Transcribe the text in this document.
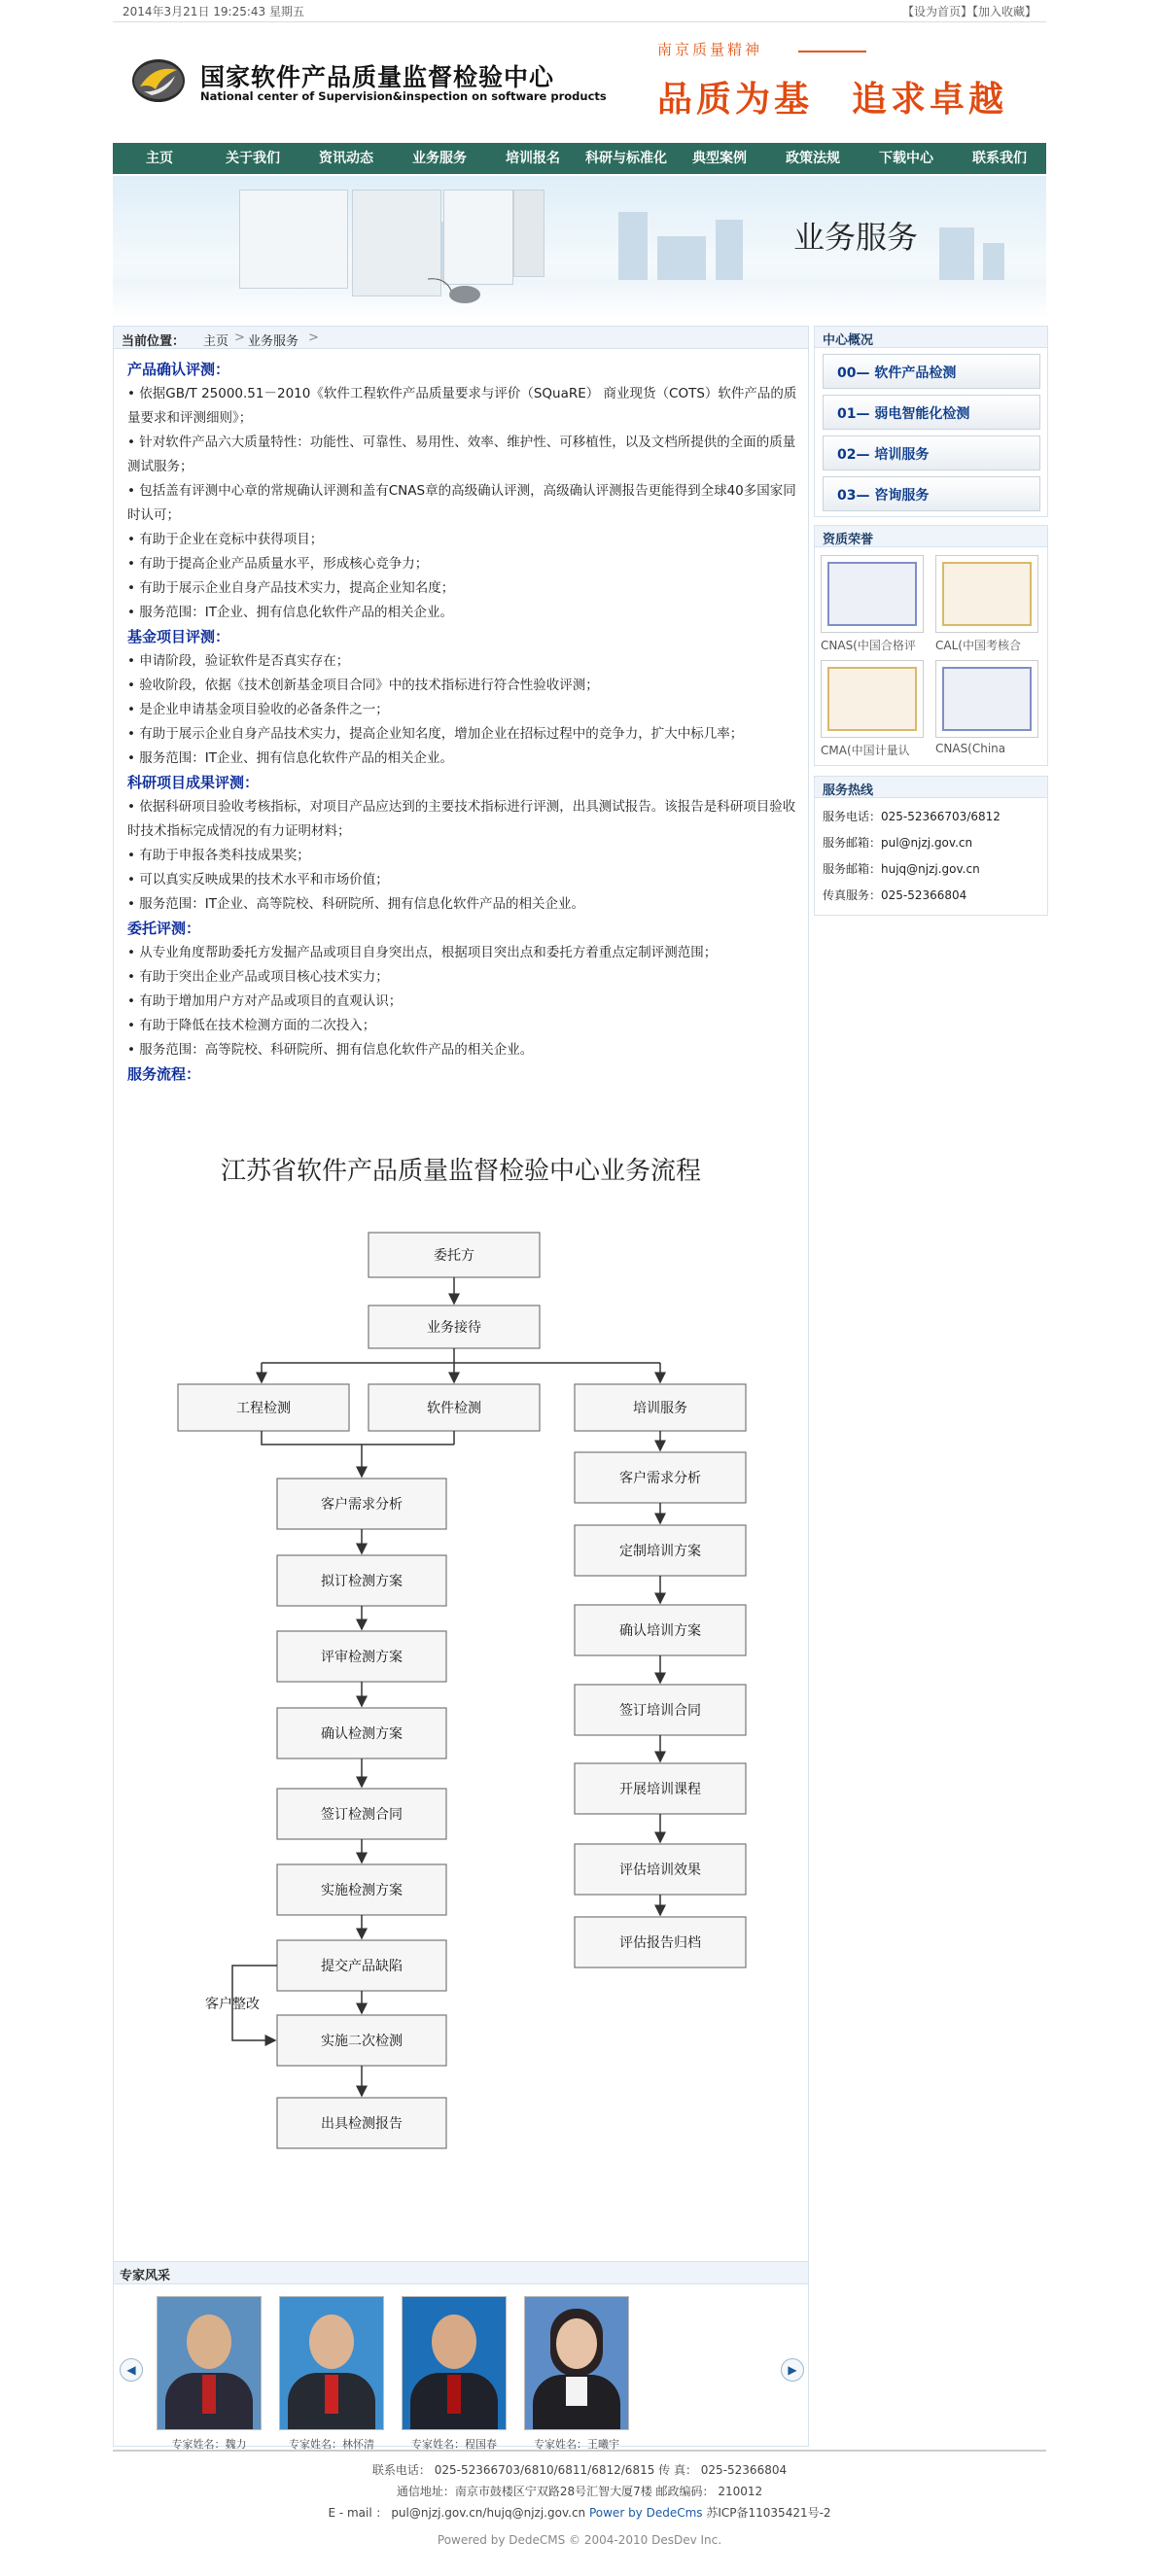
2014年3月21日 19:25:43 星期五	【设为首页】【加入收藏】
国家软件产品质量监督检验中心
National center of Supervision&inspection on software products
南京质量精神
品质为基 追求卓越
主页	关于我们	资讯动态	业务服务	培训报名	科研与标准化	典型案例	政策法规	下载中心	联系我们
业务服务
当前位置： 主页 > 业务服务 >

产品确认评测：

• 依据GB/T 25000.51－2010《软件工程软件产品质量要求与评价（SQuaRE） 商业现货（COTS）软件产品的质量要求和评测细则》；

• 针对软件产品六大质量特性：功能性、可靠性、易用性、效率、维护性、可移植性，以及文档所提供的全面的质量测试服务；

• 包括盖有评测中心章的常规确认评测和盖有CNAS章的高级确认评测，高级确认评测报告更能得到全球40多国家同时认可；

• 有助于企业在竞标中获得项目；

• 有助于提高企业产品质量水平，形成核心竞争力；

• 有助于展示企业自身产品技术实力，提高企业知名度；

• 服务范围：IT企业、拥有信息化软件产品的相关企业。

基金项目评测：

• 申请阶段，验证软件是否真实存在；

• 验收阶段，依据《技术创新基金项目合同》中的技术指标进行符合性验收评测；

• 是企业申请基金项目验收的必备条件之一；

• 有助于展示企业自身产品技术实力，提高企业知名度，增加企业在招标过程中的竞争力，扩大中标几率；

• 服务范围：IT企业、拥有信息化软件产品的相关企业。

科研项目成果评测：

• 依据科研项目验收考核指标，对项目产品应达到的主要技术指标进行评测，出具测试报告。该报告是科研项目验收时技术指标完成情况的有力证明材料；

• 有助于申报各类科技成果奖；

• 可以真实反映成果的技术水平和市场价值；

• 服务范围：IT企业、高等院校、科研院所、拥有信息化软件产品的相关企业。

委托评测：

• 从专业角度帮助委托方发掘产品或项目自身突出点，根据项目突出点和委托方着重点定制评测范围；

• 有助于突出企业产品或项目核心技术实力；

• 有助于增加用户方对产品或项目的直观认识；

• 有助于降低在技术检测方面的二次投入；

• 服务范围：高等院校、科研院所、拥有信息化软件产品的相关企业。

服务流程：

江苏省软件产品质量监督检验中心业务流程
委托方
业务接待
工程检测	软件检测	培训服务
客户需求分析
拟订检测方案
评审检测方案
确认检测方案
签订检测合同
实施检测方案
提交产品缺陷
实施二次检测
出具检测报告
客户整改
客户需求分析
定制培训方案
确认培训方案
签订培训合同
开展培训课程
评估培训效果
评估报告归档
专家风采
◀	▶
专家姓名：魏力	专家姓名：林怀清	专家姓名：程国春	专家姓名：王曦宇
中心概况
00— 软件产品检测
01— 弱电智能化检测
02— 培训服务
03— 咨询服务
资质荣誉
CNAS(中国合格评 CAL(中国考核合
CMA(中国计量认 CNAS(China
服务热线
服务电话：025-52366703/6812
服务邮箱：pul@njzj.gov.cn
服务邮箱：hujq@njzj.gov.cn
传真服务：025-52366804
联系电话： 025-52366703/6810/6811/6812/6815 传 真： 025-52366804
通信地址：南京市鼓楼区宁双路28号汇智大厦7楼 邮政编码： 210012
E - mail ： pul@njzj.gov.cn/hujq@njzj.gov.cn Power by DedeCms 苏ICP备11035421号-2
Powered by DedeCMS © 2004-2010 DesDev Inc.
